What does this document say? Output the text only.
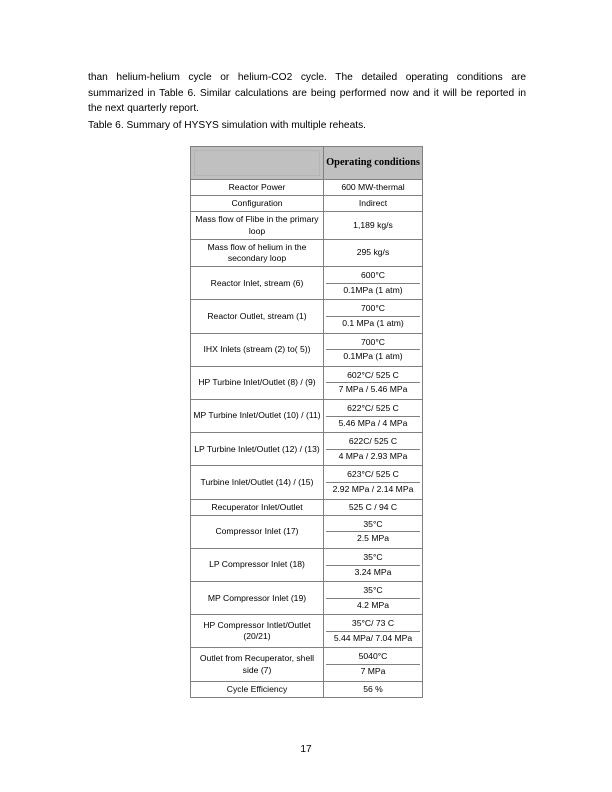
than helium-helium cycle or helium-CO2 cycle. The detailed operating conditions are summarized in Table 6. Similar calculations are being performed now and it will be reported in the next quarterly report.
Table 6. Summary of HYSYS simulation with multiple reheats.
	Operating conditions
Reactor Power	600 MW-thermal
Configuration	Indirect
Mass flow of Flibe in the primary loop	1,189 kg/s
Mass flow of helium in the secondary loop	295 kg/s
Reactor Inlet, stream (6)	600°C
0.1MPa (1 atm)

Reactor Outlet, stream (1)	700°C
0.1 MPa (1 atm)

IHX Inlets (stream (2) to( 5))	700°C
0.1MPa (1 atm)

HP Turbine Inlet/Outlet (8) / (9)	602°C/ 525 C
7 MPa / 5.46 MPa

MP Turbine Inlet/Outlet (10) / (11)	622°C/ 525 C
5.46 MPa / 4 MPa

LP Turbine Inlet/Outlet (12) / (13)	622C/ 525 C
4 MPa / 2.93 MPa

Turbine Inlet/Outlet (14) / (15)	623°C/ 525 C
2.92 MPa / 2.14 MPa

Recuperator Inlet/Outlet	525 C / 94 C
Compressor Inlet (17)	35°C
2.5 MPa

LP Compressor Inlet (18)	35°C
3.24 MPa

MP Compressor Inlet (19)	35°C
4.2 MPa

HP Compressor Intlet/Outlet (20/21)	35°C/ 73 C
5.44 MPa/ 7.04 MPa

Outlet from Recuperator, shell side (7)	5040°C
7 MPa

Cycle Efficiency	56 %
17
